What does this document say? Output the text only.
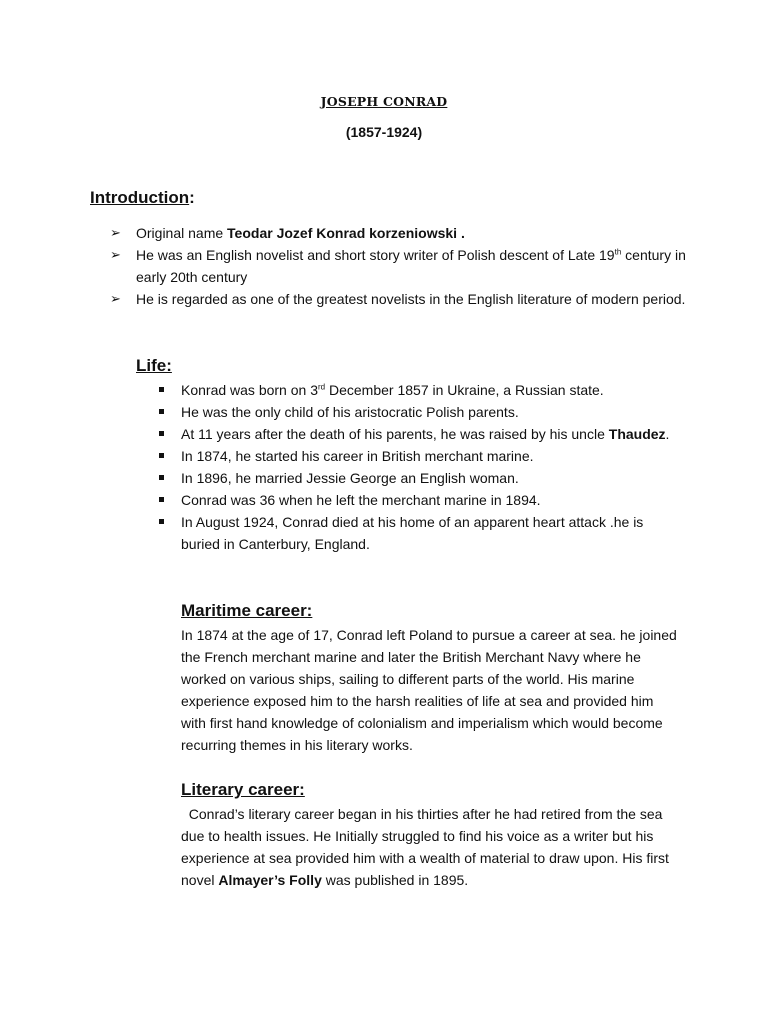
JOSEPH CONRAD
(1857-1924)
Introduction:
➢ Original name Teodar Jozef Konrad korzeniowski .
➢ He was an English novelist and short story writer of Polish descent of Late 19th century in early 20th century
➢ He is regarded as one of the greatest novelists in the English literature of modern period.
Life:
Konrad was born on 3rd December 1857 in Ukraine, a Russian state.
He was the only child of his aristocratic Polish parents.
At 11 years after the death of his parents, he was raised by his uncle Thaudez.
In 1874, he started his career in British merchant marine.
In 1896, he married Jessie George an English woman.
Conrad was 36 when he left the merchant marine in 1894.
In August 1924, Conrad died at his home of an apparent heart attack .he is buried in Canterbury, England.
Maritime career:

In 1874 at the age of 17, Conrad left Poland to pursue a career at sea. he joined the French merchant marine and later the British Merchant Navy where he worked on various ships, sailing to different parts of the world. His marine experience exposed him to the harsh realities of life at sea and provided him with first hand knowledge of colonialism and imperialism which would become recurring themes in his literary works.

Literary career:

Conrad’s literary career began in his thirties after he had retired from the sea due to health issues. He Initially struggled to find his voice as a writer but his experience at sea provided him with a wealth of material to draw upon. His first novel Almayer’s Folly was published in 1895.
